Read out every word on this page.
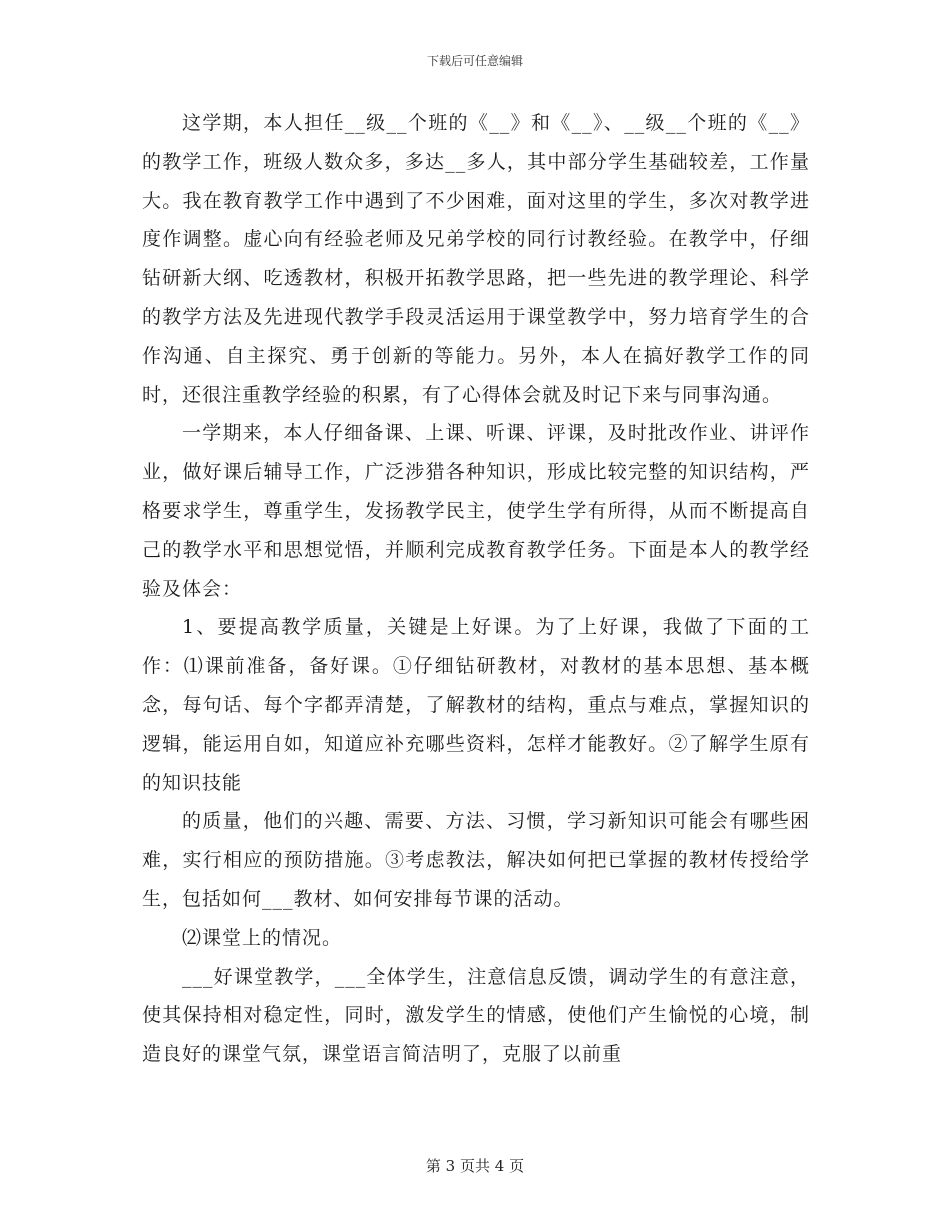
下载后可任意编辑

这学期，本人担任__级__个班的《__》和《__》、__级__个班的《__》的教学工作，班级人数众多，多达__多人，其中部分学生基础较差，工作量大。我在教育教学工作中遇到了不少困难，面对这里的学生，多次对教学进度作调整。虚心向有经验老师及兄弟学校的同行讨教经验。在教学中，仔细钻研新大纲、吃透教材，积极开拓教学思路，把一些先进的教学理论、科学的教学方法及先进现代教学手段灵活运用于课堂教学中，努力培育学生的合作沟通、自主探究、勇于创新的等能力。另外，本人在搞好教学工作的同时，还很注重教学经验的积累，有了心得体会就及时记下来与同事沟通。

一学期来，本人仔细备课、上课、听课、评课，及时批改作业、讲评作业，做好课后辅导工作，广泛涉猎各种知识，形成比较完整的知识结构，严格要求学生，尊重学生，发扬教学民主，使学生学有所得，从而不断提高自己的教学水平和思想觉悟，并顺利完成教育教学任务。下面是本人的教学经验及体会：

1、要提高教学质量，关键是上好课。为了上好课，我做了下面的工作：⑴课前准备，备好课。①仔细钻研教材，对教材的基本思想、基本概念，每句话、每个字都弄清楚，了解教材的结构，重点与难点，掌握知识的逻辑，能运用自如，知道应补充哪些资料，怎样才能教好。②了解学生原有的知识技能

的质量，他们的兴趣、需要、方法、习惯，学习新知识可能会有哪些困难，实行相应的预防措施。③考虑教法，解决如何把已掌握的教材传授给学生，包括如何___教材、如何安排每节课的活动。

⑵课堂上的情况。

___好课堂教学，___全体学生，注意信息反馈，调动学生的有意注意，使其保持相对稳定性，同时，激发学生的情感，使他们产生愉悦的心境，制造良好的课堂气氛，课堂语言简洁明了，克服了以前重

第 3 页共 4 页
